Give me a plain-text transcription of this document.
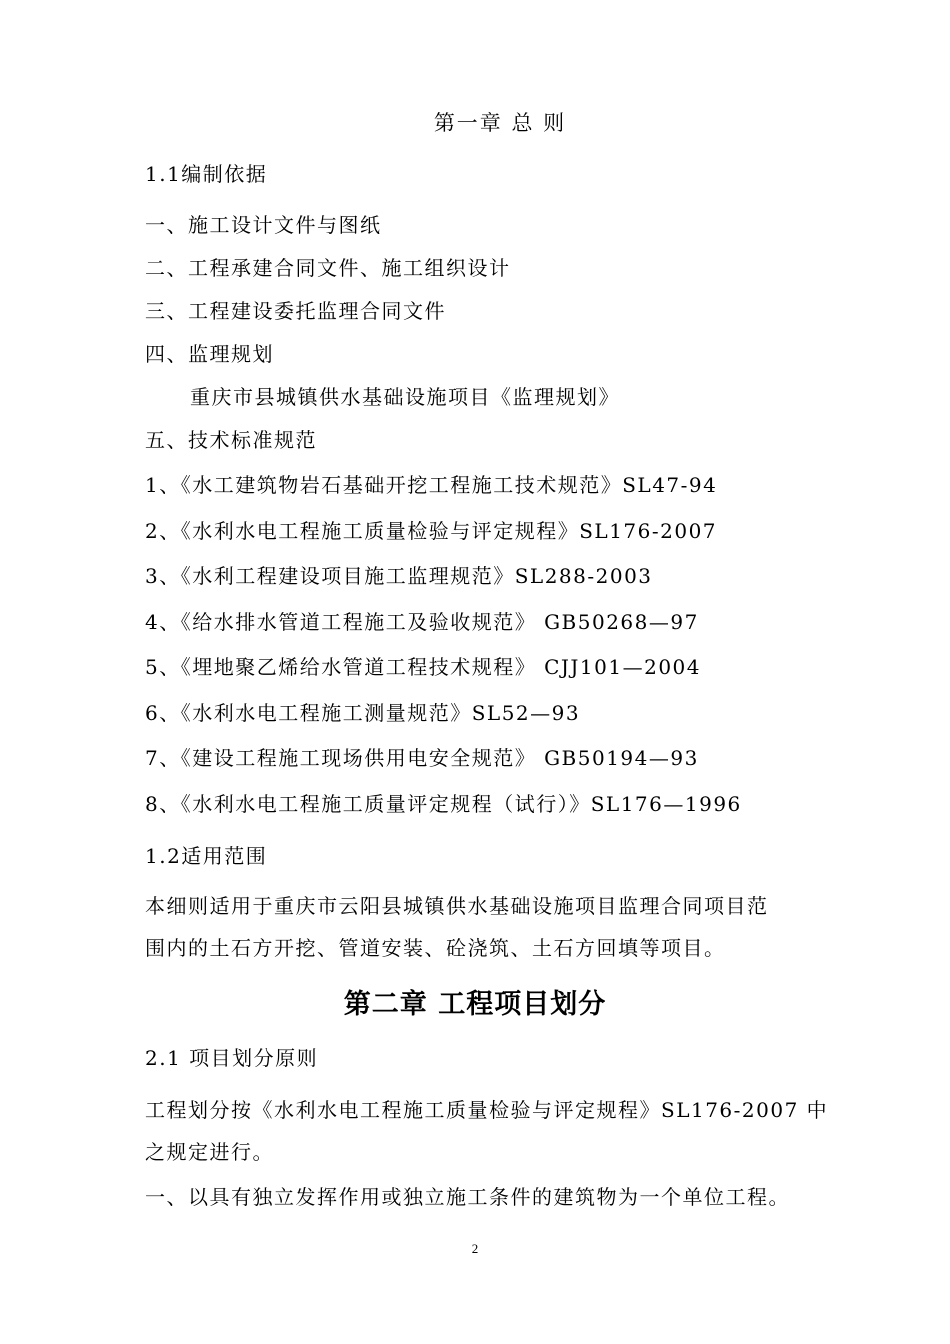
第一章 总 则
1.1编制依据
一、施工设计文件与图纸
二、工程承建合同文件、施工组织设计
三、工程建设委托监理合同文件
四、监理规划
重庆市县城镇供水基础设施项目《监理规划》
五、技术标准规范
1、《水工建筑物岩石基础开挖工程施工技术规范》SL47-94
2、《水利水电工程施工质量检验与评定规程》SL176-2007
3、《水利工程建设项目施工监理规范》SL288-2003
4、《给水排水管道工程施工及验收规范》 GB50268—97
5、《埋地聚乙烯给水管道工程技术规程》 CJJ101—2004
6、《水利水电工程施工测量规范》SL52—93
7、《建设工程施工现场供用电安全规范》 GB50194—93
8、《水利水电工程施工质量评定规程（试行）》SL176—1996
1.2适用范围
本细则适用于重庆市云阳县城镇供水基础设施项目监理合同项目范
围内的土石方开挖、管道安装、砼浇筑、土石方回填等项目。
第二章 工程项目划分
2.1 项目划分原则
工程划分按《水利水电工程施工质量检验与评定规程》SL176-2007 中
之规定进行。
一、以具有独立发挥作用或独立施工条件的建筑物为一个单位工程。
2
